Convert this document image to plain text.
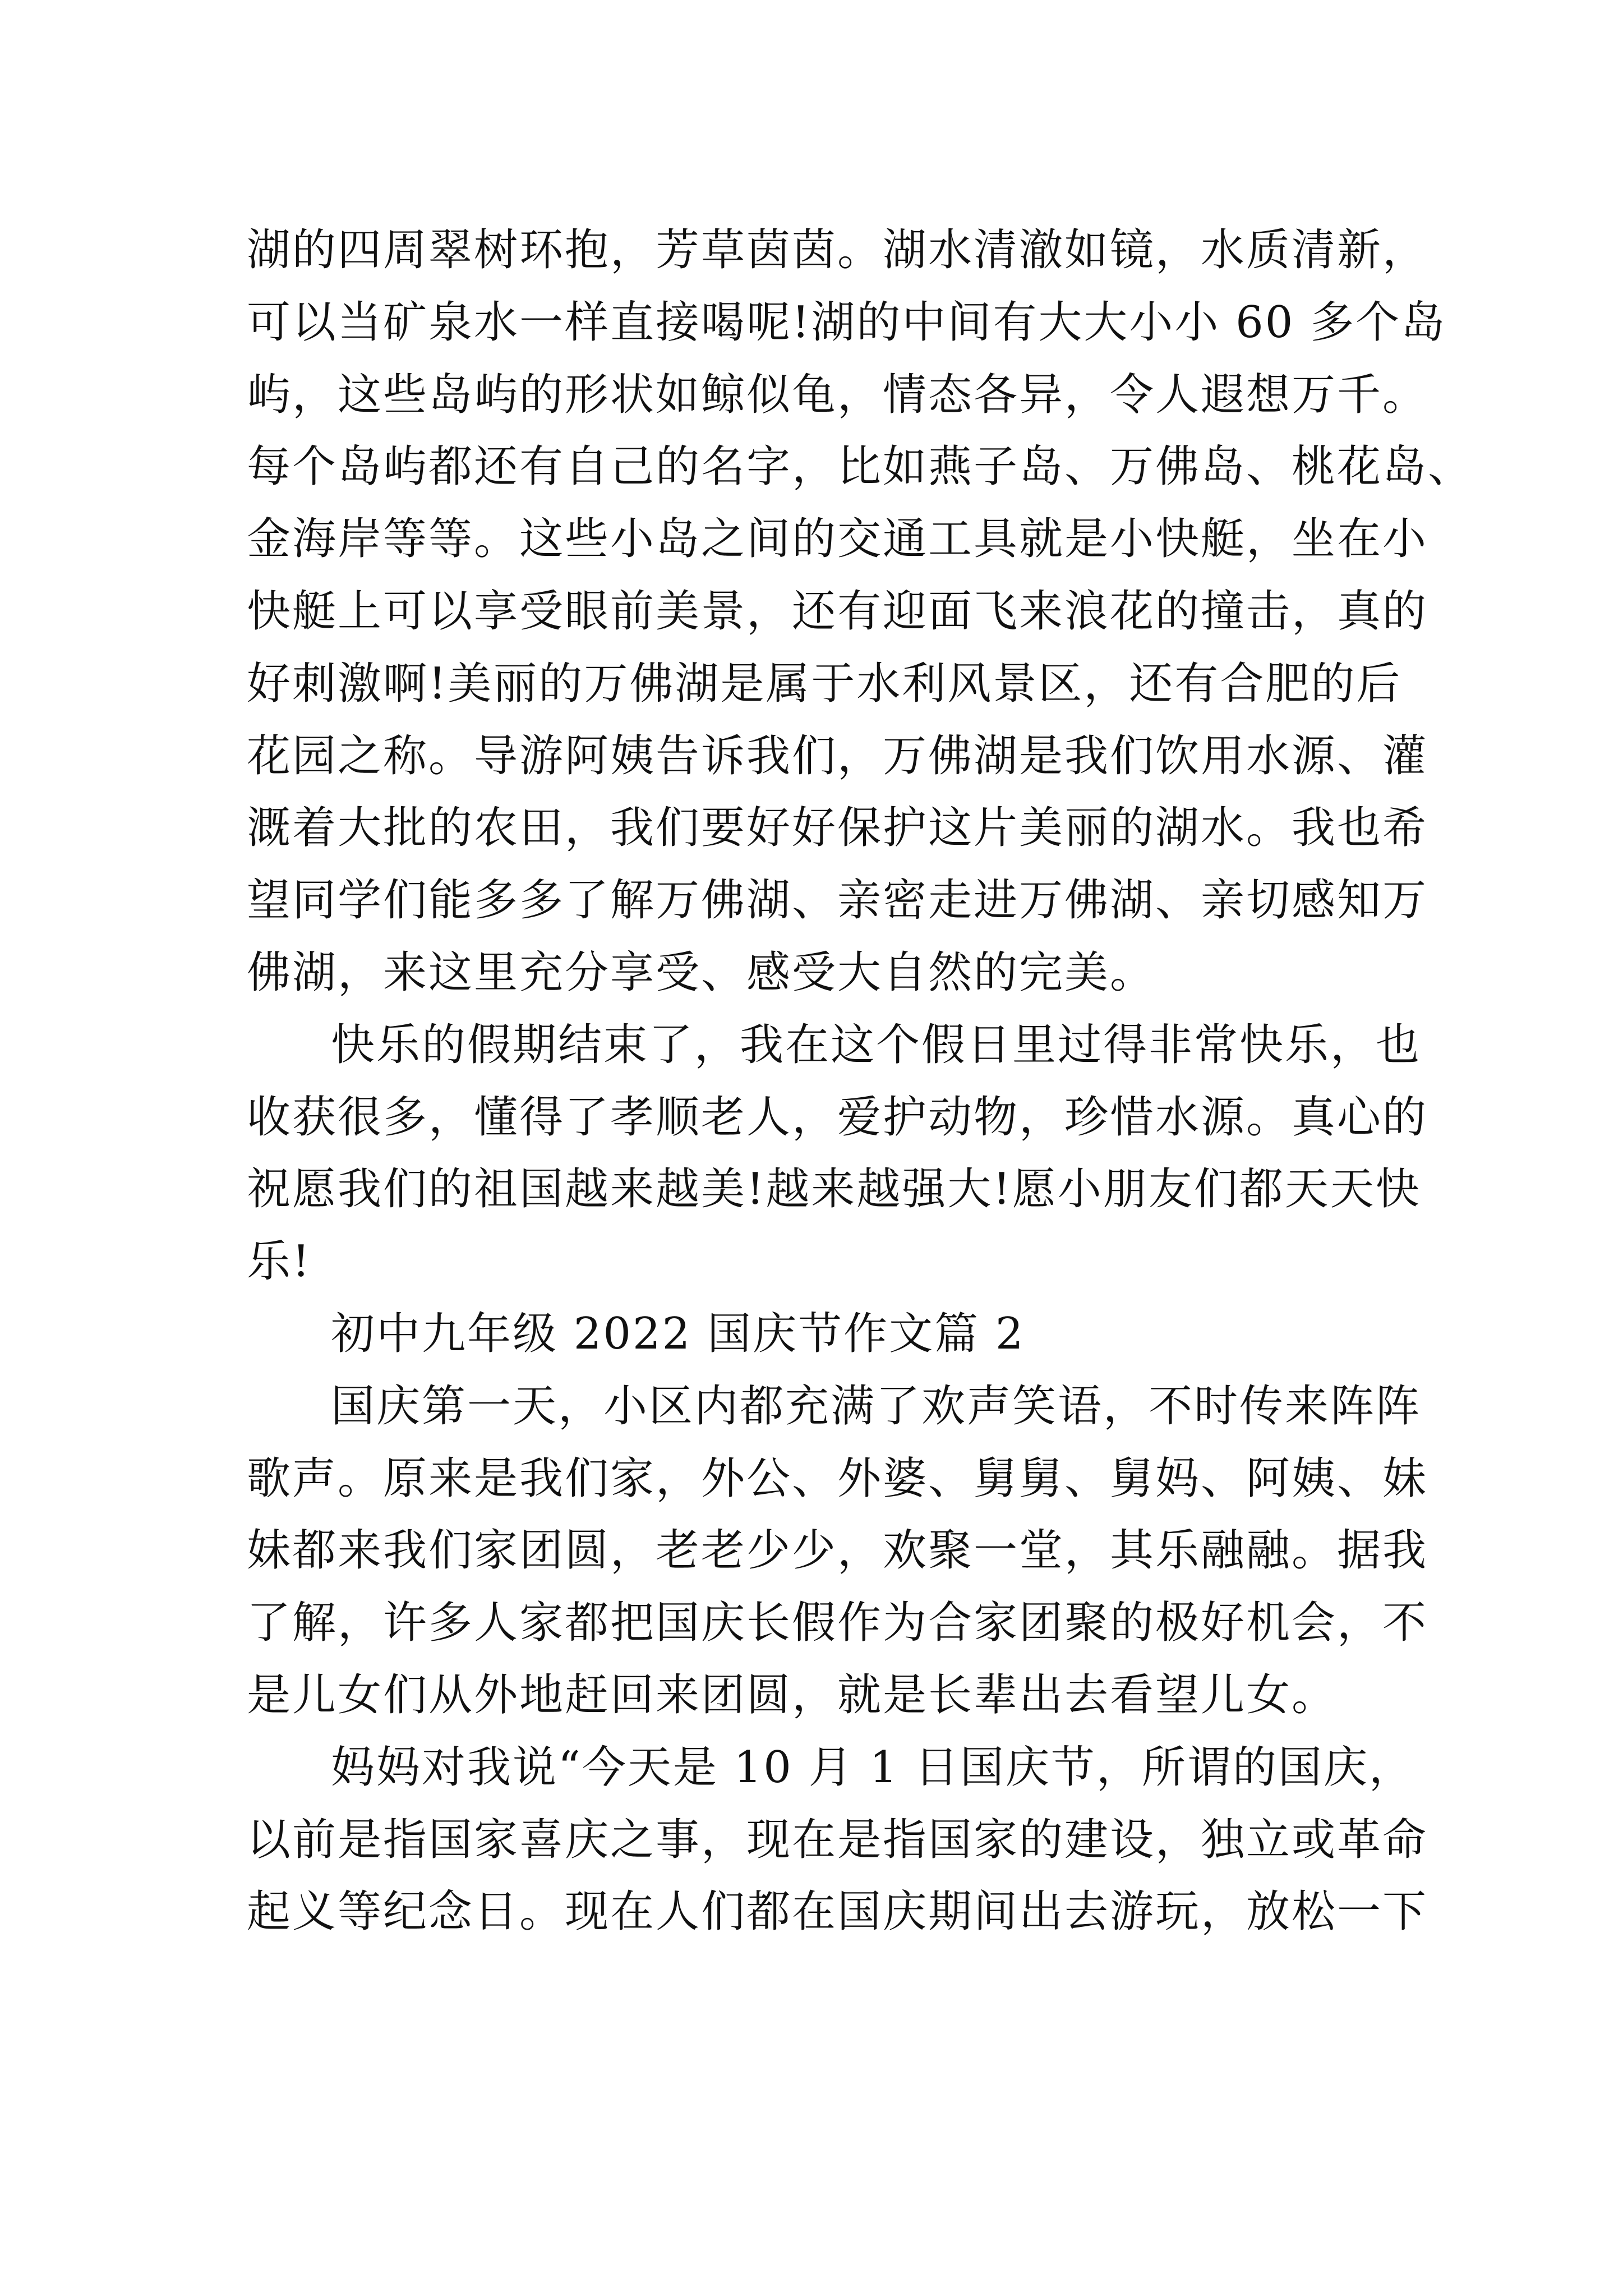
湖的四周翠树环抱，芳草茵茵。湖水清澈如镜，水质清新，
可以当矿泉水一样直接喝呢!湖的中间有大大小小 60 多个岛
屿，这些岛屿的形状如鲸似龟，情态各异，令人遐想万千。
每个岛屿都还有自己的名字，比如燕子岛、万佛岛、桃花岛、
金海岸等等。这些小岛之间的交通工具就是小快艇，坐在小
快艇上可以享受眼前美景，还有迎面飞来浪花的撞击，真的
好刺激啊!美丽的万佛湖是属于水利风景区，还有合肥的后
花园之称。导游阿姨告诉我们，万佛湖是我们饮用水源、灌
溉着大批的农田，我们要好好保护这片美丽的湖水。我也希
望同学们能多多了解万佛湖、亲密走进万佛湖、亲切感知万
佛湖，来这里充分享受、感受大自然的完美。
快乐的假期结束了，我在这个假日里过得非常快乐，也
收获很多，懂得了孝顺老人，爱护动物，珍惜水源。真心的
祝愿我们的祖国越来越美!越来越强大!愿小朋友们都天天快
乐!
初中九年级 2022 国庆节作文篇 2
国庆第一天，小区内都充满了欢声笑语，不时传来阵阵
歌声。原来是我们家，外公、外婆、舅舅、舅妈、阿姨、妹
妹都来我们家团圆，老老少少，欢聚一堂，其乐融融。据我
了解，许多人家都把国庆长假作为合家团聚的极好机会，不
是儿女们从外地赶回来团圆，就是长辈出去看望儿女。
妈妈对我说“今天是 10 月 1 日国庆节，所谓的国庆，
以前是指国家喜庆之事，现在是指国家的建设，独立或革命
起义等纪念日。现在人们都在国庆期间出去游玩，放松一下
